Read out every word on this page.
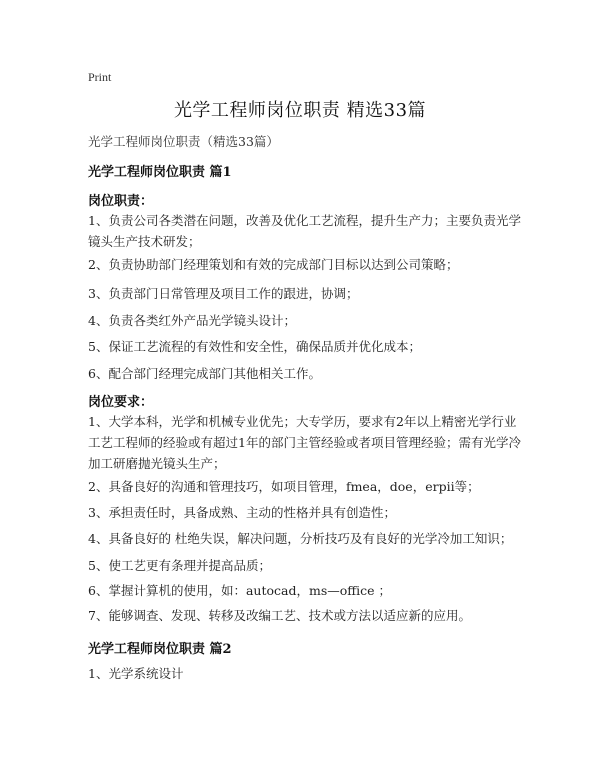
Print
光学工程师岗位职责 精选33篇
光学工程师岗位职责（精选33篇）
光学工程师岗位职责 篇1
岗位职责：
1、负责公司各类潜在问题，改善及优化工艺流程，提升生产力；主要负责光学镜头生产技术研发；
2、负责协助部门经理策划和有效的完成部门目标以达到公司策略；
3、负责部门日常管理及项目工作的跟进，协调；
4、负责各类红外产品光学镜头设计；
5、保证工艺流程的有效性和安全性，确保品质并优化成本；
6、配合部门经理完成部门其他相关工作。
岗位要求：
1、大学本科，光学和机械专业优先；大专学历，要求有2年以上精密光学行业工艺工程师的经验或有超过1年的部门主管经验或者项目管理经验；需有光学冷加工研磨抛光镜头生产；
2、具备良好的沟通和管理技巧，如项目管理，fmea，doe，erpii等；
3、承担责任时，具备成熟、主动的性格并具有创造性；
4、具备良好的 杜绝失误，解决问题，分析技巧及有良好的光学冷加工知识；
5、使工艺更有条理并提高品质；
6、掌握计算机的使用，如：autocad，ms—office ；
7、能够调查、发现、转移及改编工艺、技术或方法以适应新的应用。
光学工程师岗位职责 篇2
1、光学系统设计
